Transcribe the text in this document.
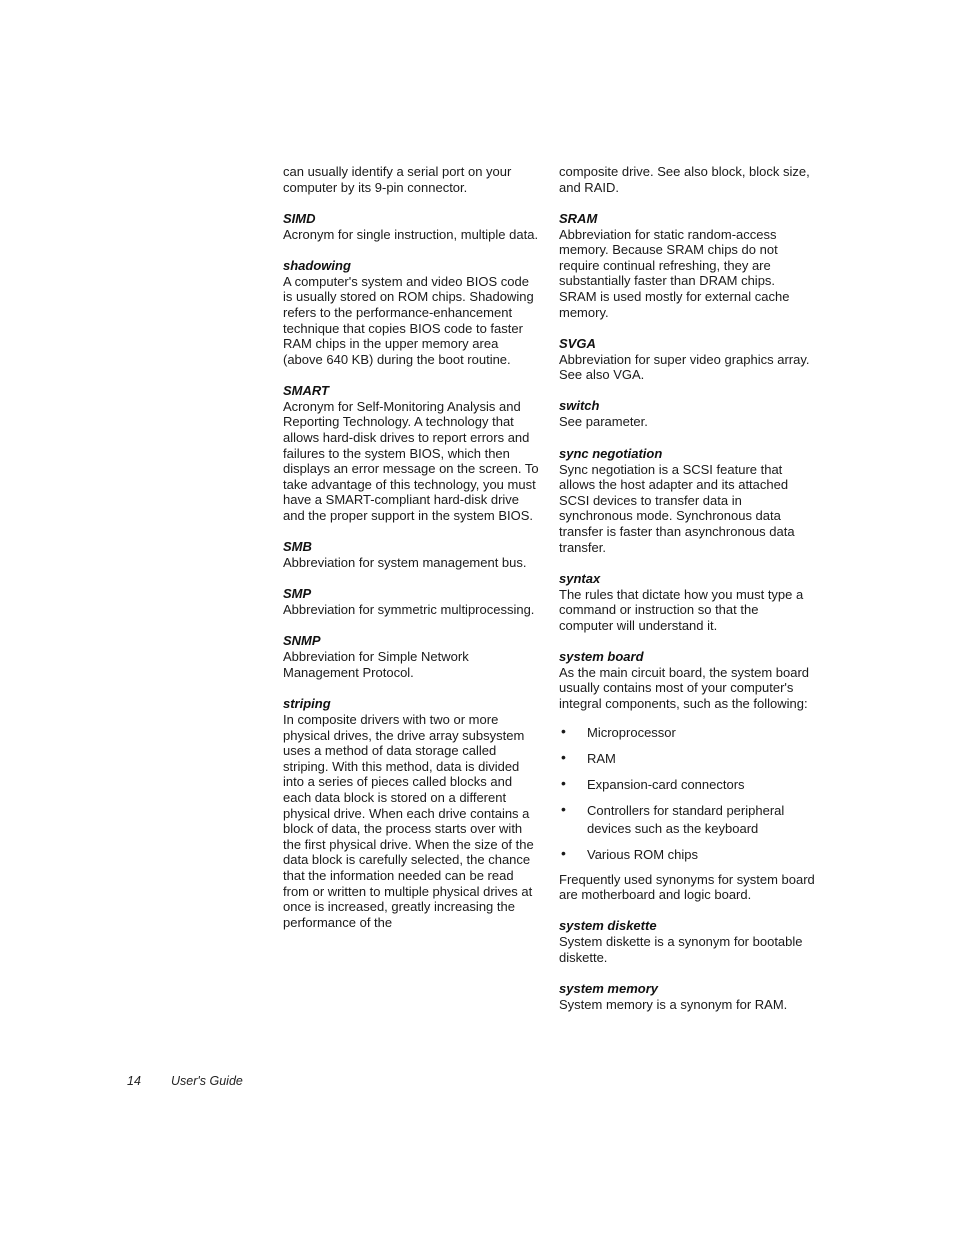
can usually identify a serial port on your computer by its 9-pin connector.

SIMD

Acronym for single instruction, multiple data.

shadowing

A computer's system and video BIOS code is usually stored on ROM chips. Shadowing refers to the performance-enhancement technique that copies BIOS code to faster RAM chips in the upper memory area (above 640 KB) during the boot routine.

SMART

Acronym for Self-Monitoring Analysis and Reporting Technology. A technology that allows hard-disk drives to report errors and failures to the system BIOS, which then displays an error message on the screen. To take advantage of this technology, you must have a SMART-compliant hard-disk drive and the proper support in the system BIOS.

SMB

Abbreviation for system management bus.

SMP

Abbreviation for symmetric multiprocessing.

SNMP

Abbreviation for Simple Network Management Protocol.

striping

In composite drivers with two or more physical drives, the drive array subsystem uses a method of data storage called striping. With this method, data is divided into a series of pieces called blocks and each data block is stored on a different physical drive. When each drive contains a block of data, the process starts over with the first physical drive. When the size of the data block is carefully selected, the chance that the information needed can be read from or written to multiple physical drives at once is increased, greatly increasing the performance of the

composite drive. See also block, block size, and RAID.

SRAM

Abbreviation for static random-access memory. Because SRAM chips do not require continual refreshing, they are substantially faster than DRAM chips. SRAM is used mostly for external cache memory.

SVGA

Abbreviation for super video graphics array. See also VGA.

switch

See parameter.

sync negotiation

Sync negotiation is a SCSI feature that allows the host adapter and its attached SCSI devices to transfer data in synchronous mode. Synchronous data transfer is faster than asynchronous data transfer.

syntax

The rules that dictate how you must type a command or instruction so that the computer will understand it.

system board

As the main circuit board, the system board usually contains most of your computer's integral components, such as the following:

• Microprocessor
• RAM
• Expansion-card connectors
• Controllers for standard peripheral devices such as the keyboard
• Various ROM chips

Frequently used synonyms for system board are motherboard and logic board.

system diskette

System diskette is a synonym for bootable diskette.

system memory

System memory is a synonym for RAM.

14 User's Guide
